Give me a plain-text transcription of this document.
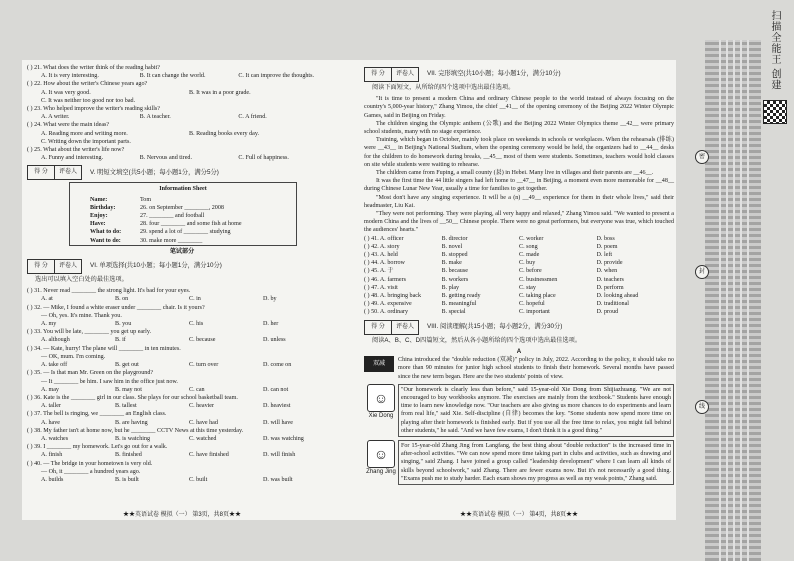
( ) 21. What does the writer think of the reading habit?
A. It is very interesting.	B. It can change the world.	C. It can improve the thoughts.
( ) 22. How about the writer's Chinese years ago?
A. It was very good.	B. It was in a poor grade.
C. It was neither too good nor too bad.
( ) 23. Who helped improve the writer's reading skills?
A. A writer.	B. A teacher.	C. A friend.
( ) 24. What were the main ideas?
A. Reading more and writing more.	B. Reading books every day.
C. Writing down the important parts.
( ) 25. What about the writer's life now?
A. Funny and interesting.	B. Nervous and tired.	C. Full of happiness.
得 分	评卷人	V. 明短文填空(共5小题；每小题1分，满分5分)
Information Sheet
Name:	Tom
Birthday:	26. on September ________, 2008
Enjoy:	27. ________ and football
Have:	28. four ________ and some fish at home
What to do:	29. spend a lot of ________ studying
Want to do:	30. make more ________
笔试部分
得 分	评卷人	VI. 单项选择(共10小题；每小题1分，满分10分)
选出可以填入空白处的最佳选项。
( ) 31. Never read ________ the strong light. It's bad for your eyes.
A. at	B. on	C. in	D. by
( ) 32. — Mike, I found a white eraser under ________ chair. Is it yours?
— Oh, yes. It's mine. Thank you.
A. my	B. you	C. his	D. her
( ) 33. You will be late, ________ you get up early.
A. although	B. if	C. because	D. unless
( ) 34. — Kate, hurry! The plane will ________ in ten minutes.
— OK, mum. I'm coming.
A. take off	B. get out	C. turn over	D. come on
( ) 35. — Is that man Mr. Green on the playground?
— It ________ be him. I saw him in the office just now.
A. may	B. may not	C. can	D. can not
( ) 36. Kate is the ________ girl in our class. She plays for our school basketball team.
A. taller	B. tallest	C. heavier	D. heaviest
( ) 37. The bell is ringing, we ________ an English class.
A. have	B. are having	C. have had	D. will have
( ) 38. My father isn't at home now, but he ________ CCTV News at this time yesterday.
A. watches	B. is watching	C. watched	D. was watching
( ) 39. I ________ my homework. Let's go out for a walk.
A. finish	B. finished	C. have finished	D. will finish
( ) 40. — The bridge in your hometown is very old.
— Oh, it ________ a hundred years ago.
A. builds	B. is built	C. built	D. was built
★★英语试卷 模拟（一） 第3页，共8页★★
得 分	评卷人	VII. 完形填空(共10小题；每小题1分，满分10分)
阅读下面短文，从所给的四个选项中选出最佳选项。
"It is time to present a modern China and ordinary Chinese people to the world instead of always focusing on the country's 5,000-year history," Zhang Yimou, the chief __41__ of the opening ceremony of the Beijing 2022 Winter Olympic Games, said in Beijing on Friday.
The children singing the Olympic anthem (公歌) and the Beijing 2022 Winter Olympics theme __42__ were primary school students, many with no stage experience.
Training, which began in October, mainly took place on weekends in schools or workplaces. When the rehearsals (排练) were __43__ in Beijing's National Stadium, when the opening ceremony would be held, the organizers had to __44__ desks for the children to do homework during breaks, __45__ most of them were students. Sometimes, teachers would hold classes on site while students were waiting to rehearse.
The children came from Fuping, a small county (县) in Hebei. Many live in villages and their parents are __46__.
It was the first time the 44 little singers had left home to __47__ in Beijing, a moment even more memorable for __48__ during Chinese Lunar New Year, usually a time for families to get together.
"Most don't have any singing experience. It will be a (n) __49__ experience for them in their whole lives," said their headmaster, Liu Kai.
"They were not performing. They were playing, all very happy and relaxed," Zhang Yimou said. "We wanted to present a modern China and the lives of __50__ Chinese people. There were no great performers, but everyone was true, which touched the audiences' hearts."
( ) 41. A. officer	B. director	C. worker	D. boss
( ) 42. A. story	B. novel	C. song	D. poem
( ) 43. A. held	B. stopped	C. made	D. left
( ) 44. A. borrow	B. make	C. buy	D. provide
( ) 45. A. 于	B. because	C. before	D. when
( ) 46. A. farmers	B. workers	C. businessmen	D. teachers
( ) 47. A. visit	B. play	C. stay	D. perform
( ) 48. A. bringing back	B. getting ready	C. taking place	D. looking ahead
( ) 49. A. expensive	B. meaningful	C. hopeful	D. traditional
( ) 50. A. ordinary	B. special	C. important	D. proud
得 分	评卷人	VIII. 阅读理解(共15小题；每小题2分，满分30分)
阅读A、B、C、D四篇短文，然后从各小题所给的四个选项中选出最佳选项。
A
双减
China introduced the "double reduction (双减)" policy in July, 2022. According to the policy, it should take no more than 90 minutes for junior high school students to finish their homework. Several months have passed since the new term began. Here are the two students' points of view.
☺
Xie Dong
"Our homework is clearly less than before," said 15-year-old Xie Dong from Shijiazhuang. "We are not encouraged to buy workbooks anymore. The exercises are mainly from the textbook." Students have enough time to learn new knowledge now. "Our teachers are also giving us more chances to do experiments and learn from real life," said Xie. Self-discipline (自律) becomes the key. "Some students now spend more time on playing after their homework is finished early. But if you use all the free time to relax, you might fall behind other students," he said. "And we have few exams, I don't think it is a good thing."
☺
Zhang Jing
For 15-year-old Zhang Jing from Langfang, the best thing about "double reduction" is the increased time in after-school activities. "We can now spend more time taking part in clubs and activities, such as drawing and singing," said Zhang. I have joined a group called "leadership development" where I can learn all kinds of skills beyond schoolwork," said Zhang. There are fewer exams now. But it's not necessarily a good thing. "Exams push me to study harder. Each exam shows my progress as well as my weak points," Zhang said.
★★英语试卷 模拟（一） 第4页，共8页★★
密
封
线
扫描全能王 创建
